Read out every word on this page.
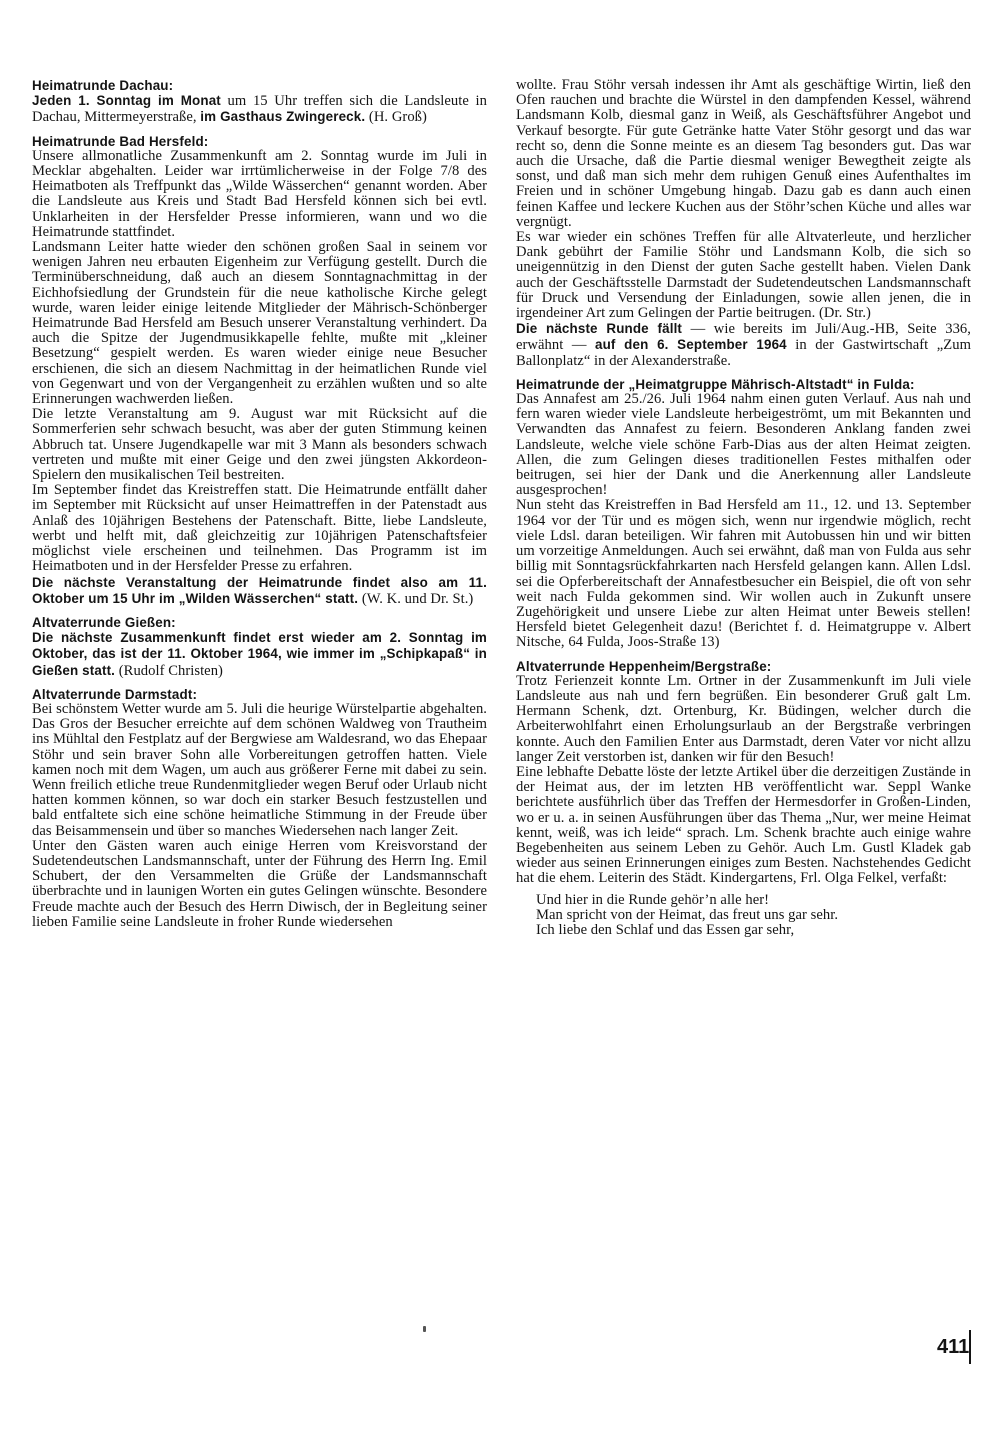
Heimatrunde Dachau:

Jeden 1. Sonntag im Monat um 15 Uhr treffen sich die Landsleute in Dachau, Mittermeyerstraße, im Gasthaus Zwingereck. (H. Groß)

Heimatrunde Bad Hersfeld:

Unsere allmonatliche Zusammenkunft am 2. Sonntag wurde im Juli in Mecklar abgehalten. Leider war irrtümlicherweise in der Folge 7/8 des Heimatboten als Treffpunkt das „Wilde Wässerchen“ genannt worden. Aber die Landsleute aus Kreis und Stadt Bad Hersfeld können sich bei evtl. Unklarheiten in der Hersfelder Presse informieren, wann und wo die Heimatrunde stattfindet.

Landsmann Leiter hatte wieder den schönen großen Saal in seinem vor wenigen Jahren neu erbauten Eigenheim zur Verfügung gestellt. Durch die Terminüberschneidung, daß auch an diesem Sonntagnachmittag in der Eichhofsiedlung der Grundstein für die neue katholische Kirche gelegt wurde, waren leider einige leitende Mitglieder der Mährisch-Schönberger Heimatrunde Bad Hersfeld am Besuch unserer Veranstaltung verhindert. Da auch die Spitze der Jugendmusikkapelle fehlte, mußte mit „kleiner Besetzung“ gespielt werden. Es waren wieder einige neue Besucher erschienen, die sich an diesem Nachmittag in der heimatlichen Runde viel von Gegenwart und von der Vergangenheit zu erzählen wußten und so alte Erinnerungen wachwerden ließen.

Die letzte Veranstaltung am 9. August war mit Rücksicht auf die Sommerferien sehr schwach besucht, was aber der guten Stimmung keinen Abbruch tat. Unsere Jugendkapelle war mit 3 Mann als besonders schwach vertreten und mußte mit einer Geige und den zwei jüngsten Akkordeon-Spielern den musikalischen Teil bestreiten.

Im September findet das Kreistreffen statt. Die Heimatrunde entfällt daher im September mit Rücksicht auf unser Heimattreffen in der Patenstadt aus Anlaß des 10jährigen Bestehens der Patenschaft. Bitte, liebe Landsleute, werbt und helft mit, daß gleichzeitig zur 10jährigen Patenschaftsfeier möglichst viele erscheinen und teilnehmen. Das Programm ist im Heimatboten und in der Hersfelder Presse zu erfahren.

Die nächste Veranstaltung der Heimatrunde findet also am 11. Oktober um 15 Uhr im „Wilden Wässerchen“ statt. (W. K. und Dr. St.)

Altvaterrunde Gießen:

Die nächste Zusammenkunft findet erst wieder am 2. Sonntag im Oktober, das ist der 11. Oktober 1964, wie immer im „Schipkapaß“ in Gießen statt. (Rudolf Christen)

Altvaterrunde Darmstadt:

Bei schönstem Wetter wurde am 5. Juli die heurige Würstelpartie abgehalten. Das Gros der Besucher erreichte auf dem schönen Waldweg von Trautheim ins Mühltal den Festplatz auf der Bergwiese am Waldesrand, wo das Ehepaar Stöhr und sein braver Sohn alle Vorbereitungen getroffen hatten. Viele kamen noch mit dem Wagen, um auch aus größerer Ferne mit dabei zu sein. Wenn freilich etliche treue Rundenmitglieder wegen Beruf oder Urlaub nicht hatten kommen können, so war doch ein starker Besuch festzustellen und bald entfaltete sich eine schöne heimatliche Stimmung in der Freude über das Beisammensein und über so manches Wiedersehen nach langer Zeit.

Unter den Gästen waren auch einige Herren vom Kreisvorstand der Sudetendeutschen Landsmannschaft, unter der Führung des Herrn Ing. Emil Schubert, der den Versammelten die Grüße der Landsmannschaft überbrachte und in launigen Worten ein gutes Gelingen wünschte. Besondere Freude machte auch der Besuch des Herrn Diwisch, der in Begleitung seiner lieben Familie seine Landsleute in froher Runde wiedersehen

wollte. Frau Stöhr versah indessen ihr Amt als geschäftige Wirtin, ließ den Ofen rauchen und brachte die Würstel in den dampfenden Kessel, während Landsmann Kolb, diesmal ganz in Weiß, als Geschäftsführer Angebot und Verkauf besorgte. Für gute Getränke hatte Vater Stöhr gesorgt und das war recht so, denn die Sonne meinte es an diesem Tag besonders gut. Das war auch die Ursache, daß die Partie diesmal weniger Bewegtheit zeigte als sonst, und daß man sich mehr dem ruhigen Genuß eines Aufenthaltes im Freien und in schöner Umgebung hingab. Dazu gab es dann auch einen feinen Kaffee und leckere Kuchen aus der Stöhr’schen Küche und alles war vergnügt.

Es war wieder ein schönes Treffen für alle Altvaterleute, und herzlicher Dank gebührt der Familie Stöhr und Landsmann Kolb, die sich so uneigennützig in den Dienst der guten Sache gestellt haben. Vielen Dank auch der Geschäftsstelle Darmstadt der Sudetendeutschen Landsmannschaft für Druck und Versendung der Einladungen, sowie allen jenen, die in irgendeiner Art zum Gelingen der Partie beitrugen. (Dr. Str.)

Die nächste Runde fällt — wie bereits im Juli/Aug.-HB, Seite 336, erwähnt — auf den 6. September 1964 in der Gastwirtschaft „Zum Ballonplatz“ in der Alexanderstraße.

Heimatrunde der „Heimatgruppe Mährisch-Altstadt“ in Fulda:

Das Annafest am 25./26. Juli 1964 nahm einen guten Verlauf. Aus nah und fern waren wieder viele Landsleute herbeigeströmt, um mit Bekannten und Verwandten das Annafest zu feiern. Besonderen Anklang fanden zwei Landsleute, welche viele schöne Farb-Dias aus der alten Heimat zeigten. Allen, die zum Gelingen dieses traditionellen Festes mithalfen oder beitrugen, sei hier der Dank und die Anerkennung aller Landsleute ausgesprochen!

Nun steht das Kreistreffen in Bad Hersfeld am 11., 12. und 13. September 1964 vor der Tür und es mögen sich, wenn nur irgendwie möglich, recht viele Ldsl. daran beteiligen. Wir fahren mit Autobussen hin und wir bitten um vorzeitige Anmeldungen. Auch sei erwähnt, daß man von Fulda aus sehr billig mit Sonntagsrückfahrkarten nach Hersfeld gelangen kann. Allen Ldsl. sei die Opferbereitschaft der Annafestbesucher ein Beispiel, die oft von sehr weit nach Fulda gekommen sind. Wir wollen auch in Zukunft unsere Zugehörigkeit und unsere Liebe zur alten Heimat unter Beweis stellen! Hersfeld bietet Gelegenheit dazu! (Berichtet f. d. Heimatgruppe v. Albert Nitsche, 64 Fulda, Joos-Straße 13)

Altvaterrunde Heppenheim/Bergstraße:

Trotz Ferienzeit konnte Lm. Ortner in der Zusammenkunft im Juli viele Landsleute aus nah und fern begrüßen. Ein besonderer Gruß galt Lm. Hermann Schenk, dzt. Ortenburg, Kr. Büdingen, welcher durch die Arbeiterwohlfahrt einen Erholungsurlaub an der Bergstraße verbringen konnte. Auch den Familien Enter aus Darmstadt, deren Vater vor nicht allzu langer Zeit verstorben ist, danken wir für den Besuch!

Eine lebhafte Debatte löste der letzte Artikel über die derzeitigen Zustände in der Heimat aus, der im letzten HB veröffentlicht war. Seppl Wanke berichtete ausführlich über das Treffen der Hermesdorfer in Großen-Linden, wo er u. a. in seinen Ausführungen über das Thema „Nur, wer meine Heimat kennt, weiß, was ich leide“ sprach. Lm. Schenk brachte auch einige wahre Begebenheiten aus seinem Leben zu Gehör. Auch Lm. Gustl Kladek gab wieder aus seinen Erinnerungen einiges zum Besten. Nachstehendes Gedicht hat die ehem. Leiterin des Städt. Kindergartens, Frl. Olga Felkel, verfaßt:

Und hier in die Runde gehör’n alle her!

Man spricht von der Heimat, das freut uns gar sehr.

Ich liebe den Schlaf und das Essen gar sehr,

411
